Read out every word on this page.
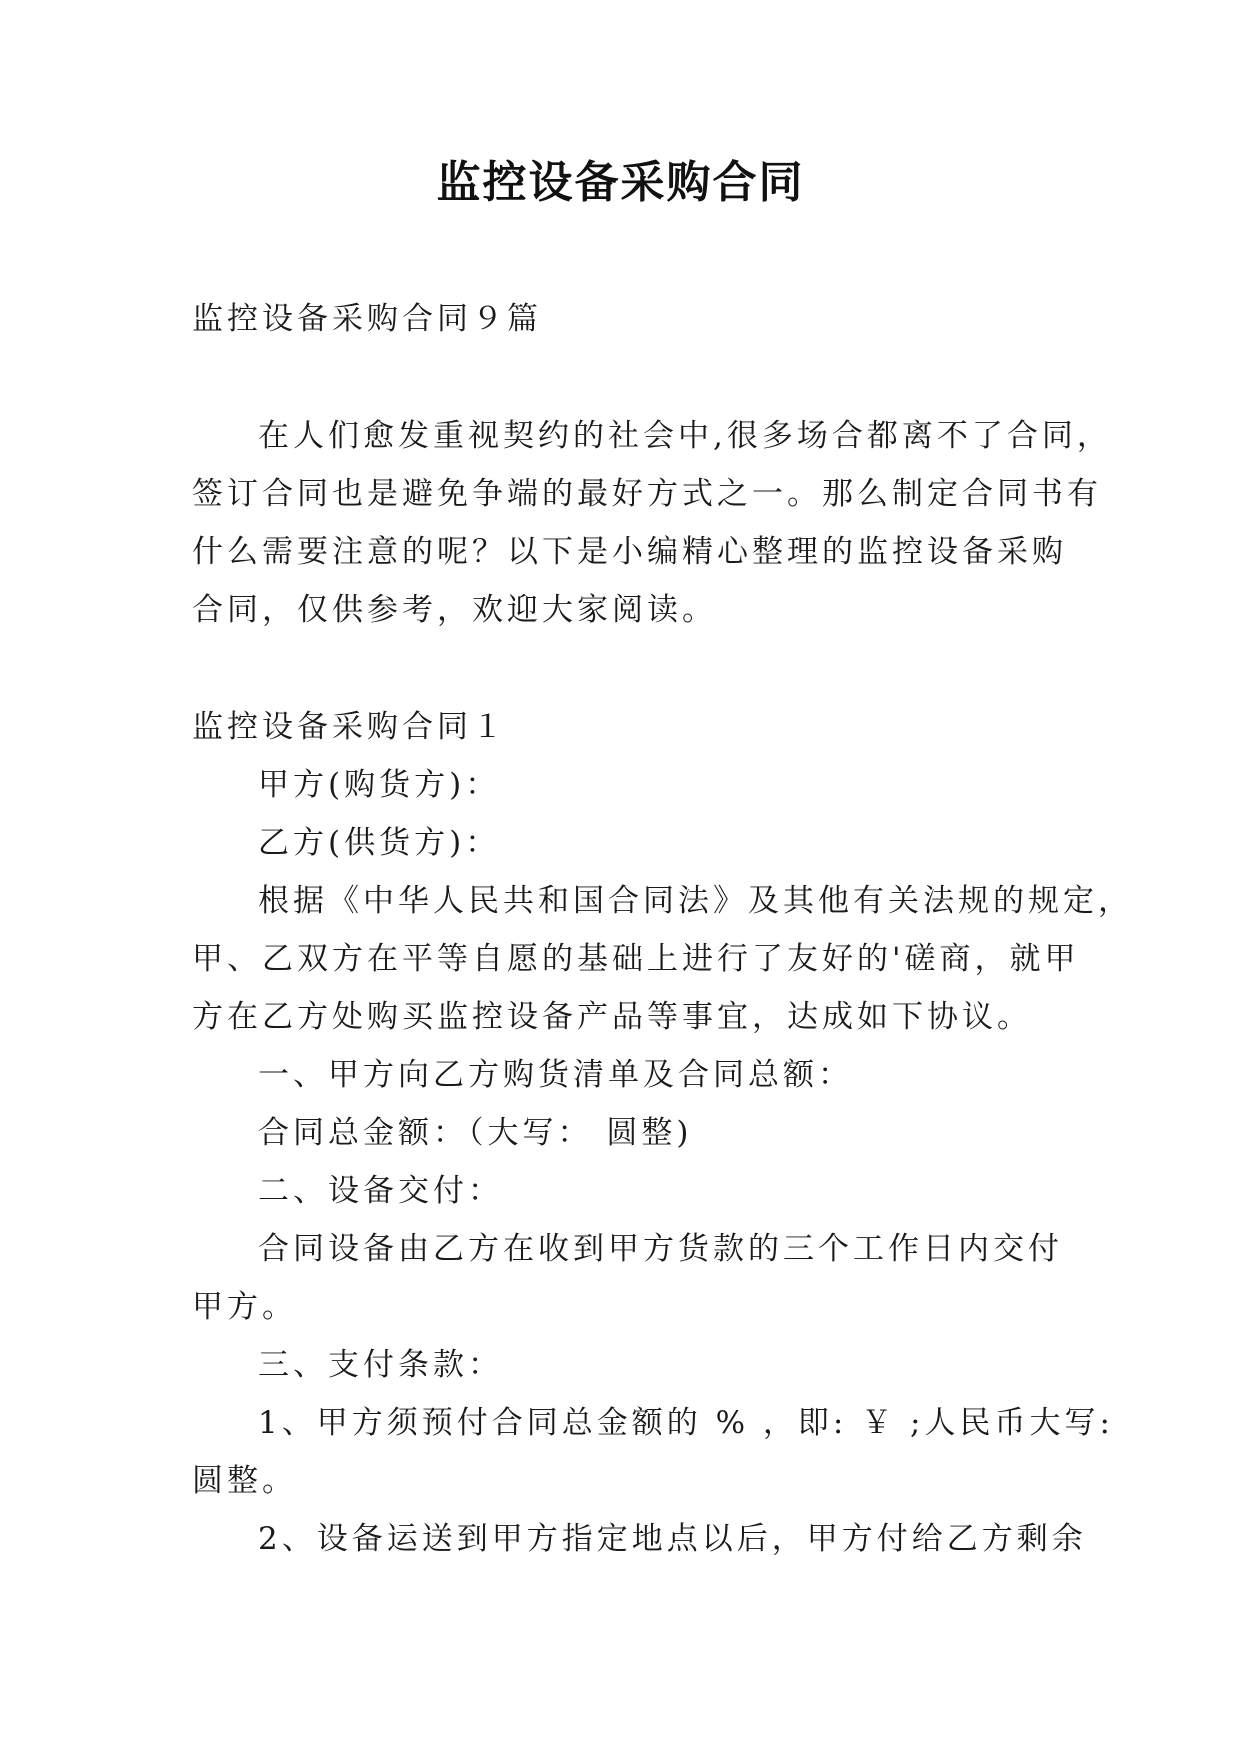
监控设备采购合同
监控设备采购合同９篇
在人们愈发重视契约的社会中,很多场合都离不了合同，
签订合同也是避免争端的最好方式之一。那么制定合同书有
什么需要注意的呢？以下是小编精心整理的监控设备采购
合同，仅供参考，欢迎大家阅读。
监控设备采购合同１
甲方(购货方)：
乙方(供货方)：
根据《中华人民共和国合同法》及其他有关法规的规定，
甲、乙双方在平等自愿的基础上进行了友好的'磋商，就甲
方在乙方处购买监控设备产品等事宜，达成如下协议。
一、甲方向乙方购货清单及合同总额：
合同总金额：（大写： 圆整)
二、设备交付：
合同设备由乙方在收到甲方货款的三个工作日内交付
甲方。
三、支付条款：
1、甲方须预付合同总金额的 % ，即: ￥ ;人民币大写:
圆整。
2、设备运送到甲方指定地点以后，甲方付给乙方剩余
